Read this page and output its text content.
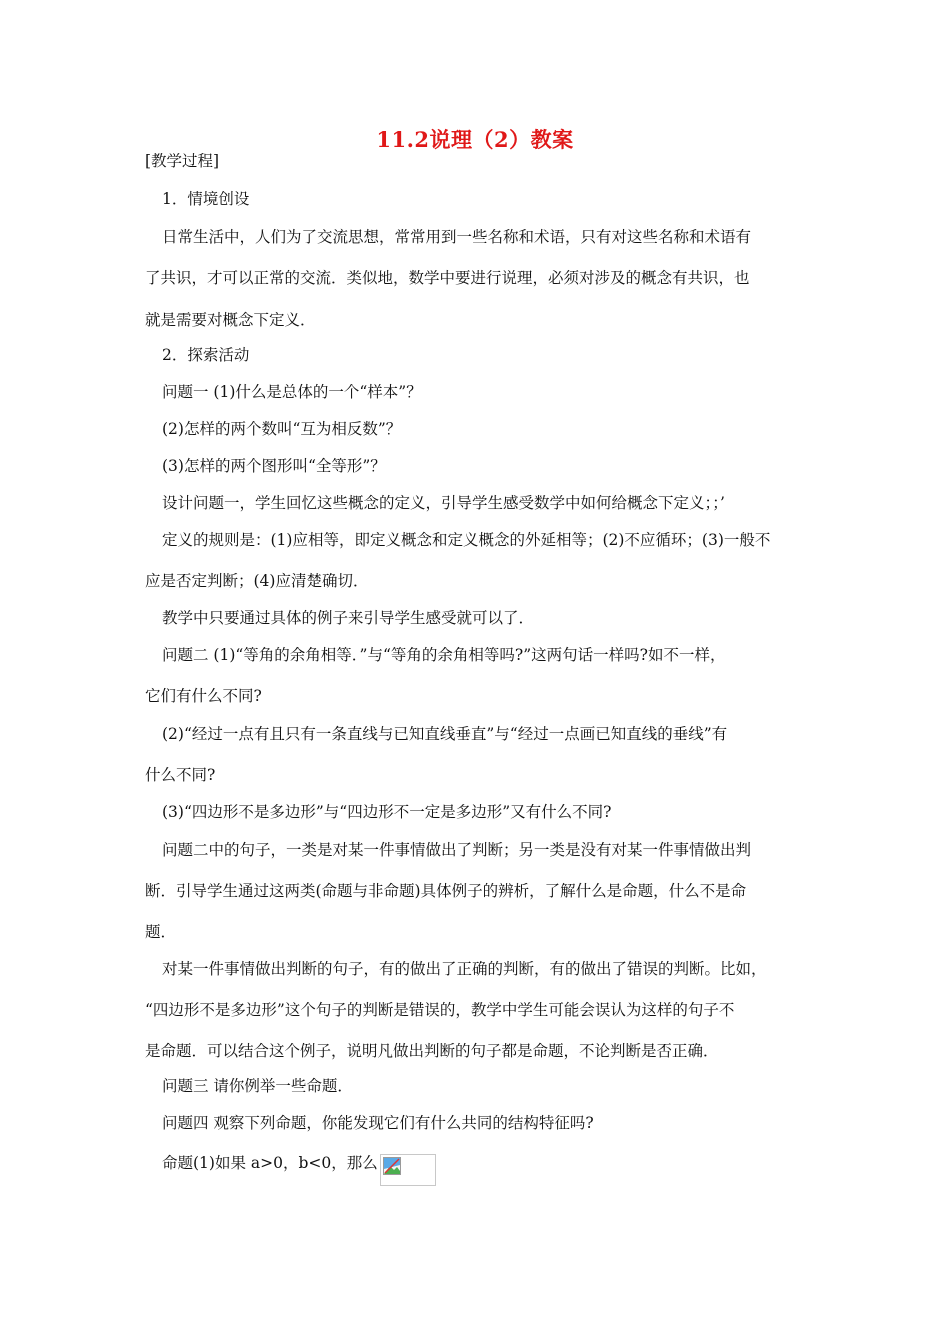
11.2说理（2）教案
[教学过程]
1．情境创设
日常生活中，人们为了交流思想，常常用到一些名称和术语，只有对这些名称和术语有
了共识，才可以正常的交流．类似地，数学中要进行说理，必须对涉及的概念有共识，也
就是需要对概念下定义．
2．探索活动
问题一 (1)什么是总体的一个“样本”？
(2)怎样的两个数叫“互为相反数”？
(3)怎样的两个图形叫“全等形”？
设计问题一，学生回忆这些概念的定义，引导学生感受数学中如何给概念下定义；；’
定义的规则是：(1)应相等，即定义概念和定义概念的外延相等；(2)不应循环；(3)一般不
应是否定判断；(4)应清楚确切．
教学中只要通过具体的例子来引导学生感受就可以了．
问题二 (1)“等角的余角相等．”与“等角的余角相等吗?”这两句话一样吗?如不一样，
它们有什么不同?
(2)“经过一点有且只有一条直线与已知直线垂直”与“经过一点画已知直线的垂线”有
什么不同?
(3)“四边形不是多边形”与“四边形不一定是多边形”又有什么不同?
问题二中的句子，一类是对某一件事情做出了判断；另一类是没有对某一件事情做出判
断．引导学生通过这两类(命题与非命题)具体例子的辨析，了解什么是命题，什么不是命
题．
对某一件事情做出判断的句子，有的做出了正确的判断，有的做出了错误的判断。比如，
“四边形不是多边形”这个句子的判断是错误的，教学中学生可能会误认为这样的句子不
是命题．可以结合这个例子，说明凡做出判断的句子都是命题，不论判断是否正确．
问题三 请你例举一些命题．
问题四 观察下列命题，你能发现它们有什么共同的结构特征吗?
命题(1)如果 a>0，b<0，那么
